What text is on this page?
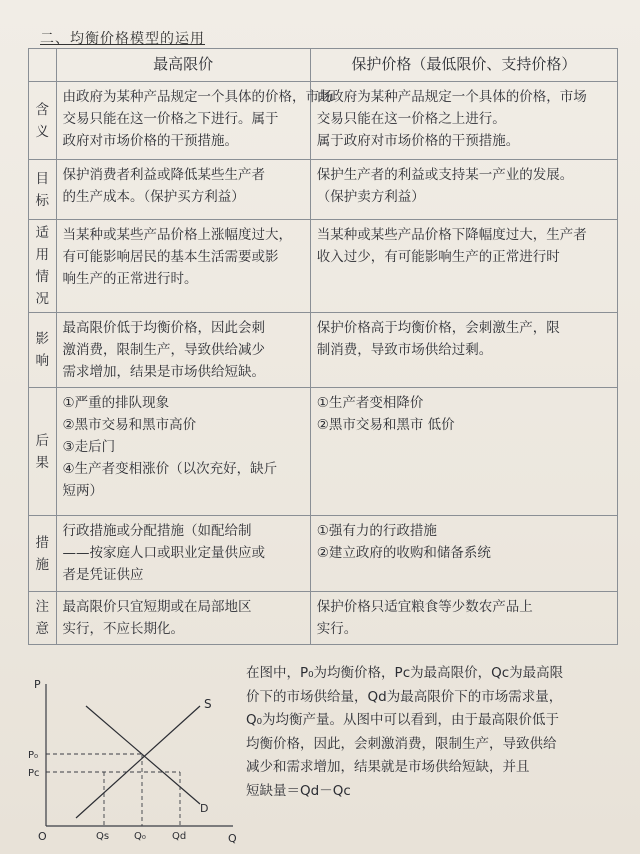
二、均衡价格模型的运用
	最高限价	保护价格（最低限价、支持价格）
含义	由政府为某种产品规定一个具体的价格，市场
交易只能在这一价格之下进行。属于
政府对市场价格的干预措施。	由政府为某种产品规定一个具体的价格，市场
交易只能在这一价格之上进行。
属于政府对市场价格的干预措施。

目标	保护消费者利益或降低某些生产者
的生产成本。（保护买方利益）	保护生产者的利益或支持某一产业的发展。
（保护卖方利益）

适用情况	当某种或某些产品价格上涨幅度过大，
有可能影响居民的基本生活需要或影
响生产的正常进行时。	当某种或某些产品价格下降幅度过大，生产者
收入过少，有可能影响生产的正常进行时

影响	最高限价低于均衡价格，因此会刺
激消费，限制生产，导致供给减少
需求增加，结果是市场供给短缺。	保护价格高于均衡价格，会刺激生产，限
制消费，导致市场供给过剩。

后果	①严重的排队现象
②黑市交易和黑市高价
③走后门
④生产者变相涨价（以次充好，缺斤
短两）	①生产者变相降价
②黑市交易和黑市 低价

措施	行政措施或分配措施（如配给制
——按家庭人口或职业定量供应或
者是凭证供应	①强有力的行政措施
②建立政府的收购和储备系统

注意	最高限价只宜短期或在局部地区
实行，不应长期化。	保护价格只适宜粮食等少数农产品上
实行。
P
Q
O
S
D
P₀
Pc
Qs Q₀	Qd
在图中，P₀为均衡价格，Pc为最高限价，Qc为最高限
价下的市场供给量，Qd为最高限价下的市场需求量，
Q₀为均衡产量。从图中可以看到，由于最高限价低于
均衡价格，因此，会刺激消费，限制生产，导致供给
减少和需求增加，结果就是市场供给短缺，并且
短缺量＝Qd－Qc
